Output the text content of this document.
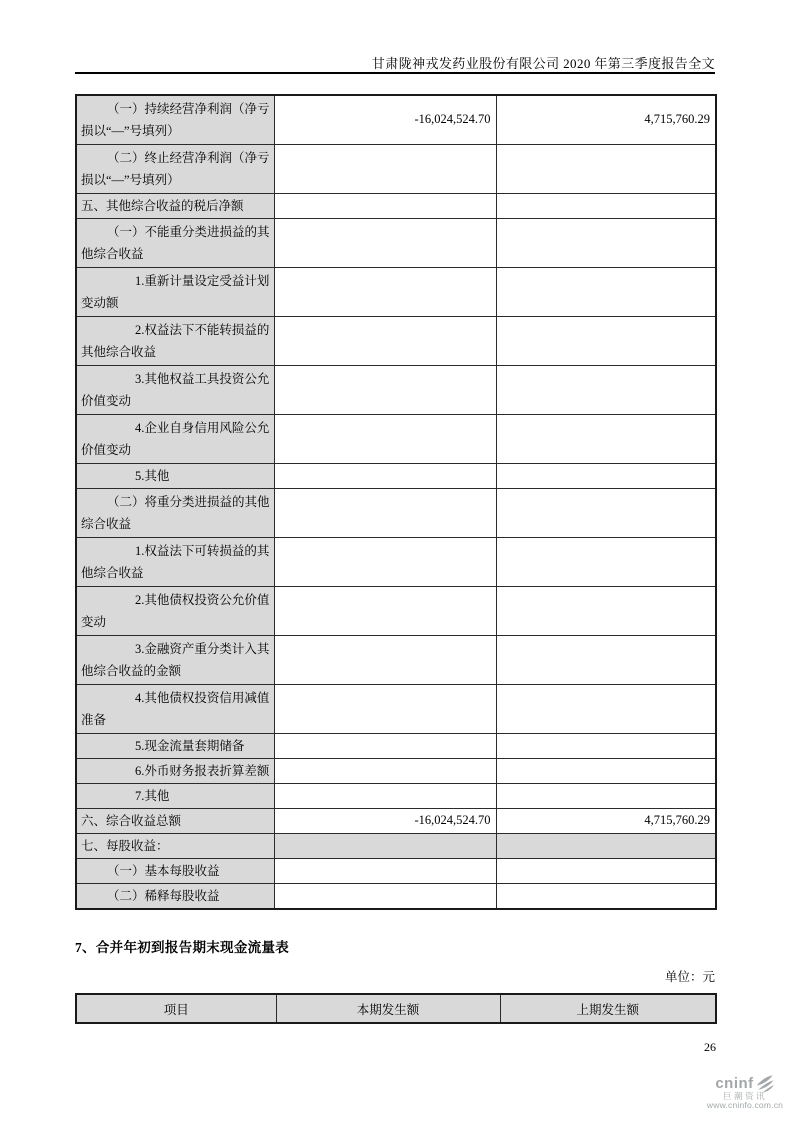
甘肃陇神戎发药业股份有限公司 2020 年第三季度报告全文
（一）持续经营净利润（净亏损以“—”号填列）	-16,024,524.70	4,715,760.29
（二）终止经营净利润（净亏损以“—”号填列）		
五、其他综合收益的税后净额		
（一）不能重分类进损益的其他综合收益		
1.重新计量设定受益计划变动额		
2.权益法下不能转损益的其他综合收益		
3.其他权益工具投资公允价值变动		
4.企业自身信用风险公允价值变动		
5.其他		
（二）将重分类进损益的其他综合收益		
1.权益法下可转损益的其他综合收益		
2.其他债权投资公允价值变动		
3.金融资产重分类计入其他综合收益的金额		
4.其他债权投资信用减值准备		
5.现金流量套期储备		
6.外币财务报表折算差额		
7.其他		
六、综合收益总额	-16,024,524.70	4,715,760.29
七、每股收益：		
（一）基本每股收益		
（二）稀释每股收益		
7、合并年初到报告期末现金流量表
单位：元
项目	本期发生额	上期发生额
26
cninf
巨潮资讯
www.cninfo.com.cn
